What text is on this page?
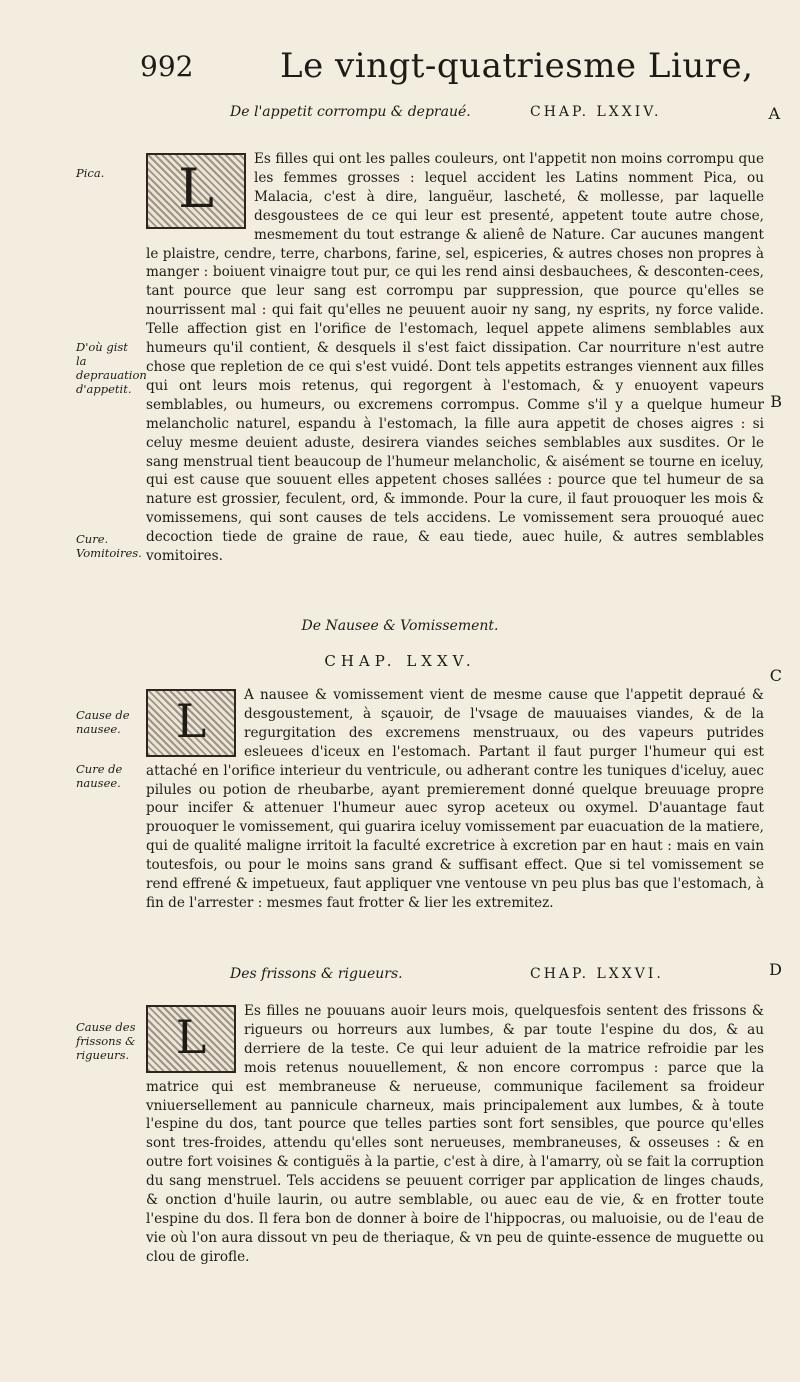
992	Le vingt-quatriesme Liure,
De l'appetit corrompu & depraué.	CHAP. LXXIV.	A
Pica.
D'où gist la deprauation d'appetit.
Cure. Vomitoires.
B
L	Es filles qui ont les palles couleurs, ont l'appetit non moins corrompu que les femmes grosses : lequel accident les Latins nomment Pica, ou Malacia, c'est à dire, languëur, lascheté, & mollesse, par laquelle desgoustees de ce qui leur est presenté, appetent toute autre chose, mesmement du tout estrange & alienê de Nature. Car aucunes mangent le plaistre, cendre, terre, charbons, farine, sel, espiceries, & autres choses non propres à manger : boiuent vinaigre tout pur, ce qui les rend ainsi desbauchees, & desconten-cees, tant pource que leur sang est corrompu par suppression, que pource qu'elles se nourrissent mal : qui fait qu'elles ne peuuent auoir ny sang, ny esprits, ny force valide. Telle affection gist en l'orifice de l'estomach, lequel appete alimens semblables aux humeurs qu'il contient, & desquels il s'est faict dissipation. Car nourriture n'est autre chose que repletion de ce qui s'est vuidé. Dont tels appetits estranges viennent aux filles qui ont leurs mois retenus, qui regorgent à l'estomach, & y enuoyent vapeurs semblables, ou humeurs, ou excremens corrompus. Comme s'il y a quelque humeur melancholic naturel, espandu à l'estomach, la fille aura appetit de choses aigres : si celuy mesme deuient aduste, desirera viandes seiches semblables aux susdites. Or le sang menstrual tient beaucoup de l'humeur melancholic, & aisément se tourne en iceluy, qui est cause que souuent elles appetent choses sallées : pource que tel humeur de sa nature est grossier, feculent, ord, & immonde. Pour la cure, il faut prouoquer les mois & vomissemens, qui sont causes de tels accidens. Le vomissement sera prouoqué auec decoction tiede de graine de raue, & eau tiede, auec huile, & autres semblables vomitoires.
De Nausee & Vomissement.
CHAP. LXXV.
C
Cause de nausee.
Cure de nausee.
L	A nausee & vomissement vient de mesme cause que l'appetit depraué & desgoustement, à sçauoir, de l'vsage de mauuaises viandes, & de la regurgitation des excremens menstruaux, ou des vapeurs putrides esleuees d'iceux en l'estomach. Partant il faut purger l'humeur qui est attaché en l'orifice interieur du ventricule, ou adherant contre les tuniques d'iceluy, auec pilules ou potion de rheubarbe, ayant premierement donné quelque breuuage propre pour incifer & attenuer l'humeur auec syrop aceteux ou oxymel. D'auantage faut prouoquer le vomissement, qui guarira iceluy vomissement par euacuation de la matiere, qui de qualité maligne irritoit la faculté excretrice à excretion par en haut : mais en vain toutesfois, ou pour le moins sans grand & suffisant effect. Que si tel vomissement se rend effrené & impetueux, faut appliquer vne ventouse vn peu plus bas que l'estomach, à fin de l'arrester : mesmes faut frotter & lier les extremitez.
Des frissons & rigueurs.	CHAP. LXXVI.	D
Cause des frissons & rigueurs.	L	Es filles ne pouuans auoir leurs mois, quelquesfois sentent des frissons & rigueurs ou horreurs aux lumbes, & par toute l'espine du dos, & au derriere de la teste. Ce qui leur aduient de la matrice refroidie par les mois retenus nouuellement, & non encore corrompus : parce que la matrice qui est membraneuse & nerueuse, communique facilement sa froideur vniuersellement au pannicule charneux, mais principalement aux lumbes, & à toute l'espine du dos, tant pource que telles parties sont fort sensibles, que pource qu'elles sont tres-froides, attendu qu'elles sont nerueuses, membraneuses, & osseuses : & en outre fort voisines & contiguës à la partie, c'est à dire, à l'amarry, où se fait la corruption du sang menstruel. Tels accidens se peuuent corriger par application de linges chauds, & onction d'huile laurin, ou autre semblable, ou auec eau de vie, & en frotter toute l'espine du dos. Il fera bon de donner à boire de l'hippocras, ou maluoisie, ou de l'eau de vie où l'on aura dissout vn peu de theriaque, & vn peu de quinte-essence de muguette ou clou de girofle.
